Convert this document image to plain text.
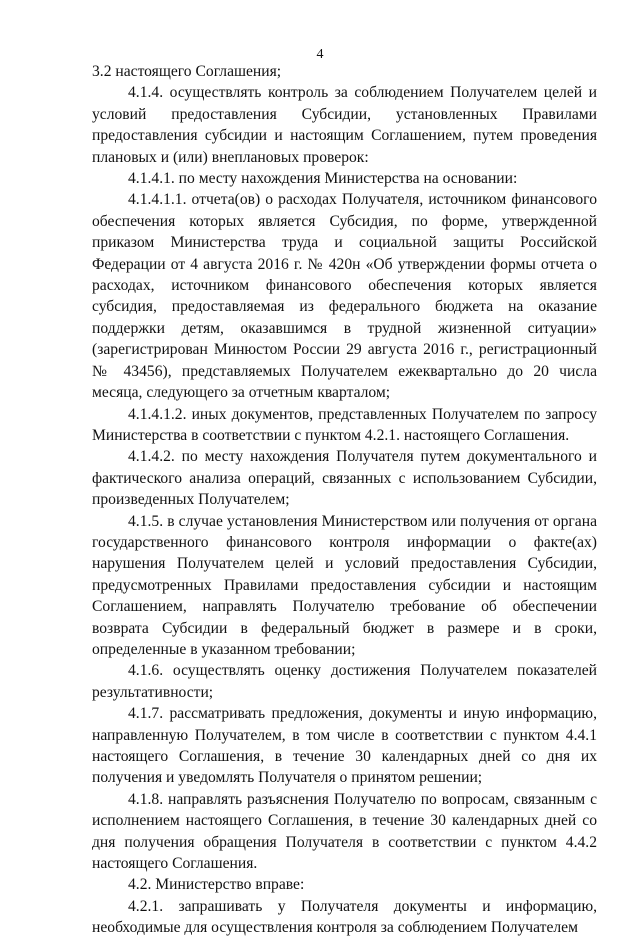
4

3.2 настоящего Соглашения;

4.1.4. осуществлять контроль за соблюдением Получателем целей и условий предоставления Субсидии, установленных Правилами предоставления субсидии и настоящим Соглашением, путем проведения плановых и (или) внеплановых проверок:

4.1.4.1. по месту нахождения Министерства на основании:

4.1.4.1.1. отчета(ов) о расходах Получателя, источником финансового обеспечения которых является Субсидия, по форме, утвержденной приказом Министерства труда и социальной защиты Российской Федерации от 4 августа 2016 г. № 420н «Об утверждении формы отчета о расходах, источником финансового обеспечения которых является субсидия, предоставляемая из федерального бюджета на оказание поддержки детям, оказавшимся в трудной жизненной ситуации» (зарегистрирован Минюстом России 29 августа 2016 г., регистрационный № 43456), представляемых Получателем ежеквартально до 20 числа месяца, следующего за отчетным кварталом;

4.1.4.1.2. иных документов, представленных Получателем по запросу Министерства в соответствии с пунктом 4.2.1. настоящего Соглашения.

4.1.4.2. по месту нахождения Получателя путем документального и фактического анализа операций, связанных с использованием Субсидии, произведенных Получателем;

4.1.5. в случае установления Министерством или получения от органа государственного финансового контроля информации о факте(ах) нарушения Получателем целей и условий предоставления Субсидии, предусмотренных Правилами предоставления субсидии и настоящим Соглашением, направлять Получателю требование об обеспечении возврата Субсидии в федеральный бюджет в размере и в сроки, определенные в указанном требовании;

4.1.6. осуществлять оценку достижения Получателем показателей результативности;

4.1.7. рассматривать предложения, документы и иную информацию, направленную Получателем, в том числе в соответствии с пунктом 4.4.1 настоящего Соглашения, в течение 30 календарных дней со дня их получения и уведомлять Получателя о принятом решении;

4.1.8. направлять разъяснения Получателю по вопросам, связанным с исполнением настоящего Соглашения, в течение 30 календарных дней со дня получения обращения Получателя в соответствии с пунктом 4.4.2 настоящего Соглашения.

4.2. Министерство вправе:

4.2.1. запрашивать у Получателя документы и информацию, необходимые для осуществления контроля за соблюдением Получателем
